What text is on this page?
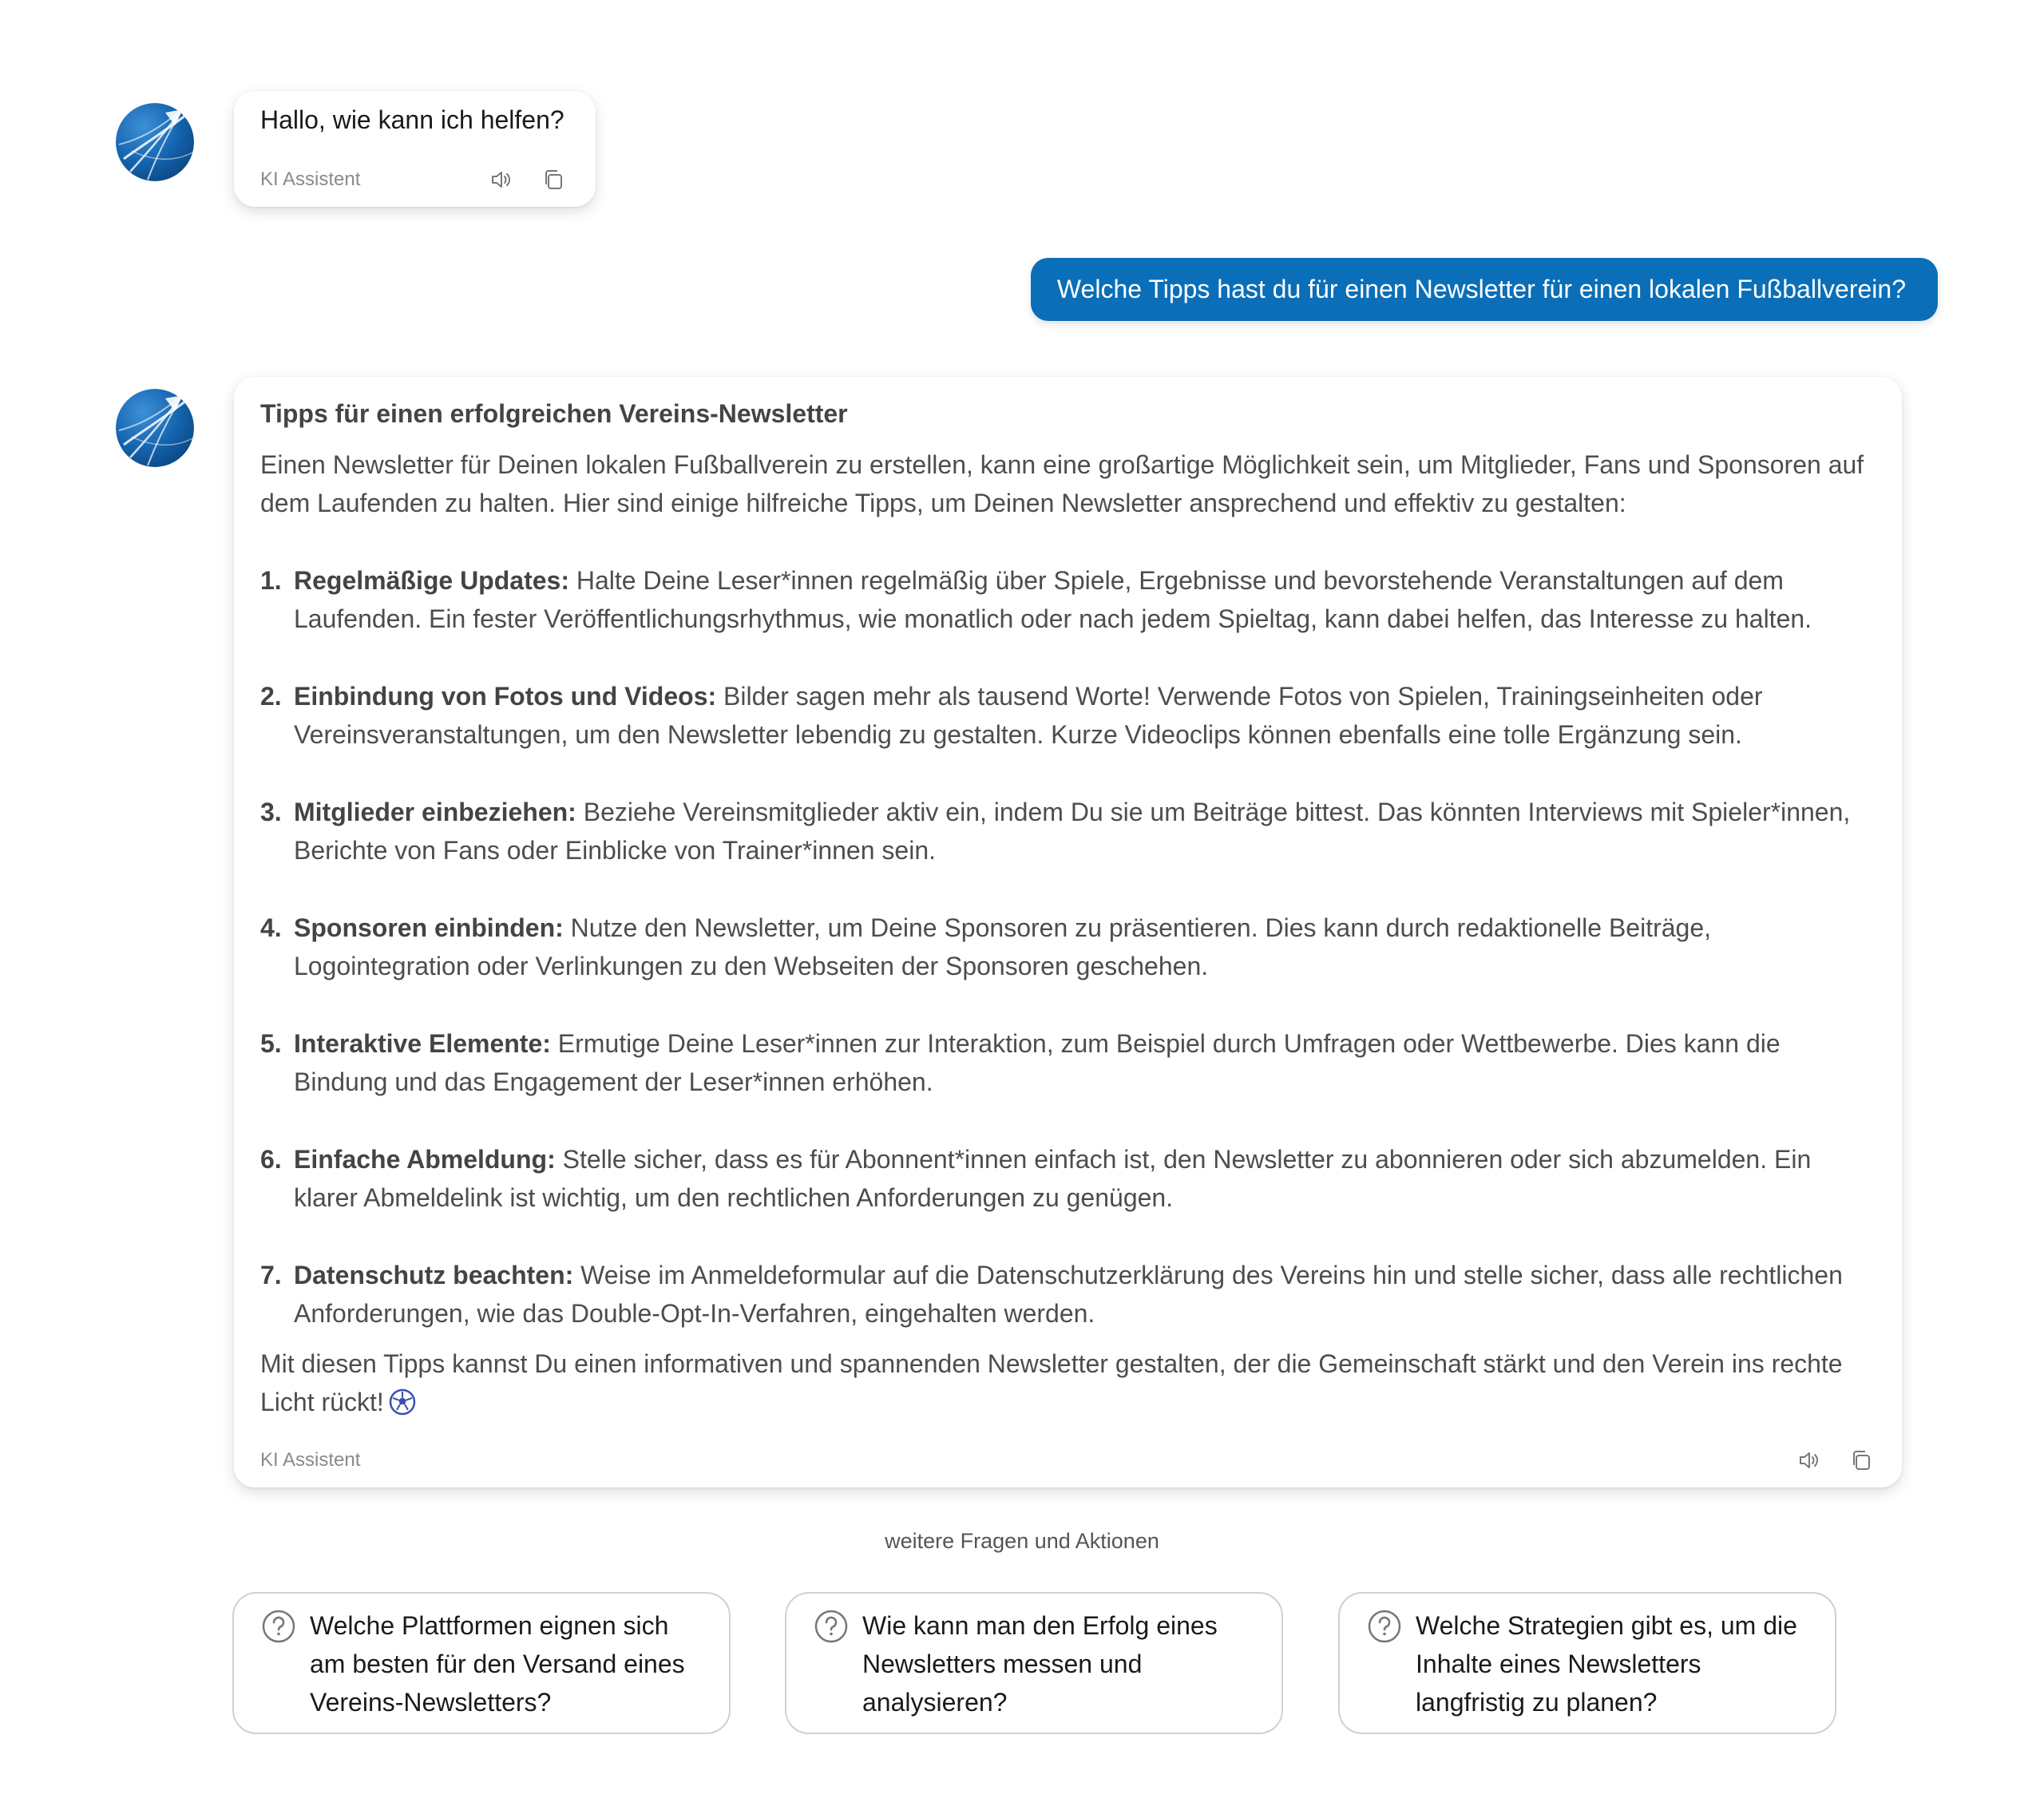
Hallo, wie kann ich helfen?
KI Assistent
Welche Tipps hast du für einen Newsletter für einen lokalen Fußballverein?

Tipps für einen erfolgreichen Vereins-Newsletter

Einen Newsletter für Deinen lokalen Fußballverein zu erstellen, kann eine großartige Möglichkeit sein, um Mitglieder, Fans und Sponsoren auf dem Laufenden zu halten. Hier sind einige hilfreiche Tipps, um Deinen Newsletter ansprechend und effektiv zu gestalten:

1. Regelmäßige Updates: Halte Deine Leser*innen regelmäßig über Spiele, Ergebnisse und bevorstehende Veranstaltungen auf dem Laufenden. Ein fester Veröffentlichungsrhythmus, wie monatlich oder nach jedem Spieltag, kann dabei helfen, das Interesse zu halten.
2. Einbindung von Fotos und Videos: Bilder sagen mehr als tausend Worte! Verwende Fotos von Spielen, Trainingseinheiten oder Vereinsveranstaltungen, um den Newsletter lebendig zu gestalten. Kurze Videoclips können ebenfalls eine tolle Ergänzung sein.
3. Mitglieder einbeziehen: Beziehe Vereinsmitglieder aktiv ein, indem Du sie um Beiträge bittest. Das könnten Interviews mit Spieler*innen, Berichte von Fans oder Einblicke von Trainer*innen sein.
4. Sponsoren einbinden: Nutze den Newsletter, um Deine Sponsoren zu präsentieren. Dies kann durch redaktionelle Beiträge, Logointegration oder Verlinkungen zu den Webseiten der Sponsoren geschehen.
5. Interaktive Elemente: Ermutige Deine Leser*innen zur Interaktion, zum Beispiel durch Umfragen oder Wettbewerbe. Dies kann die Bindung und das Engagement der Leser*innen erhöhen.
6. Einfache Abmeldung: Stelle sicher, dass es für Abonnent*innen einfach ist, den Newsletter zu abonnieren oder sich abzumelden. Ein klarer Abmeldelink ist wichtig, um den rechtlichen Anforderungen zu genügen.
7. Datenschutz beachten: Weise im Anmeldeformular auf die Datenschutzerklärung des Vereins hin und stelle sicher, dass alle rechtlichen Anforderungen, wie das Double-Opt-In-Verfahren, eingehalten werden.

Mit diesen Tipps kannst Du einen informativen und spannenden Newsletter gestalten, der die Gemeinschaft stärkt und den Verein ins rechte Licht rückt!

KI Assistent
weitere Fragen und Aktionen
Welche Plattformen eignen sich am besten für den Versand eines Vereins-Newsletters?
Wie kann man den Erfolg eines Newsletters messen und analysieren?
Welche Strategien gibt es, um die Inhalte eines Newsletters langfristig zu planen?
